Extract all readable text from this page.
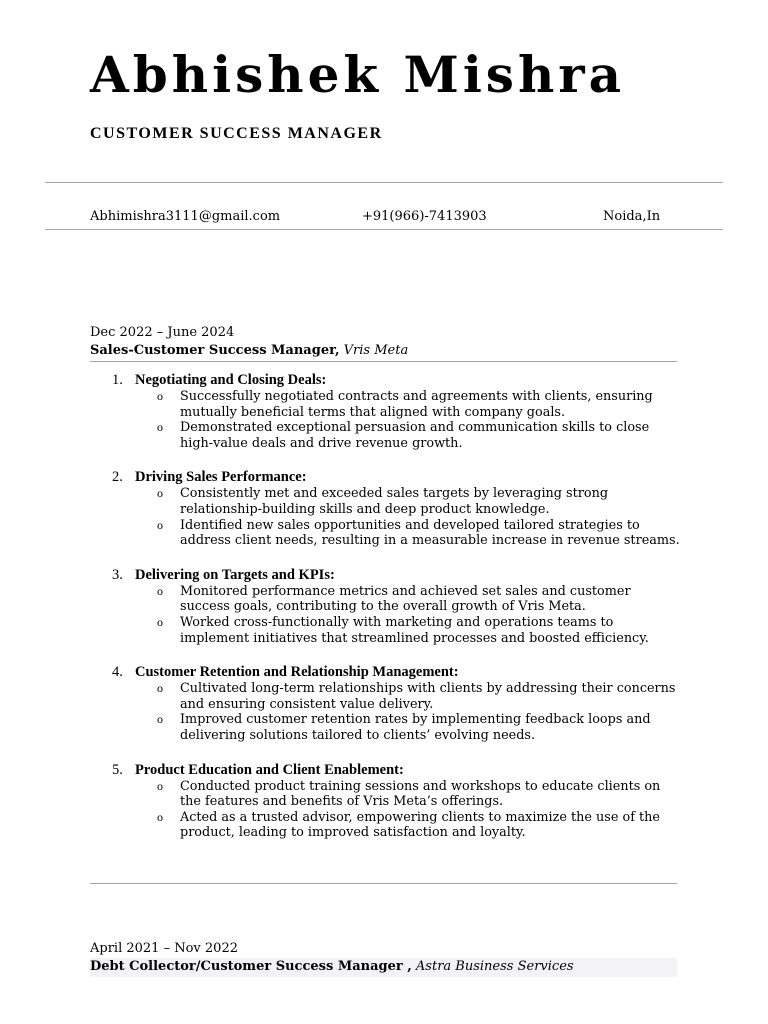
Abhishek Mishra
CUSTOMER SUCCESS MANAGER
Abhimishra3111@gmail.com	+91(966)-7413903	Noida,In
Dec 2022 – June 2024
Sales-Customer Success Manager, Vris Meta
1. Negotiating and Closing Deals:
o Successfully negotiated contracts and agreements with clients, ensuring mutually beneficial terms that aligned with company goals.
o Demonstrated exceptional persuasion and communication skills to close high-value deals and drive revenue growth.
2. Driving Sales Performance:
o Consistently met and exceeded sales targets by leveraging strong relationship-building skills and deep product knowledge.
o Identified new sales opportunities and developed tailored strategies to address client needs, resulting in a measurable increase in revenue streams.
3. Delivering on Targets and KPIs:
o Monitored performance metrics and achieved set sales and customer success goals, contributing to the overall growth of Vris Meta.
o Worked cross-functionally with marketing and operations teams to implement initiatives that streamlined processes and boosted efficiency.
4. Customer Retention and Relationship Management:
o Cultivated long-term relationships with clients by addressing their concerns and ensuring consistent value delivery.
o Improved customer retention rates by implementing feedback loops and delivering solutions tailored to clients’ evolving needs.
5. Product Education and Client Enablement:
o Conducted product training sessions and workshops to educate clients on the features and benefits of Vris Meta’s offerings.
o Acted as a trusted advisor, empowering clients to maximize the use of the product, leading to improved satisfaction and loyalty.
April 2021 – Nov 2022
Debt Collector/Customer Success Manager , Astra Business Services
